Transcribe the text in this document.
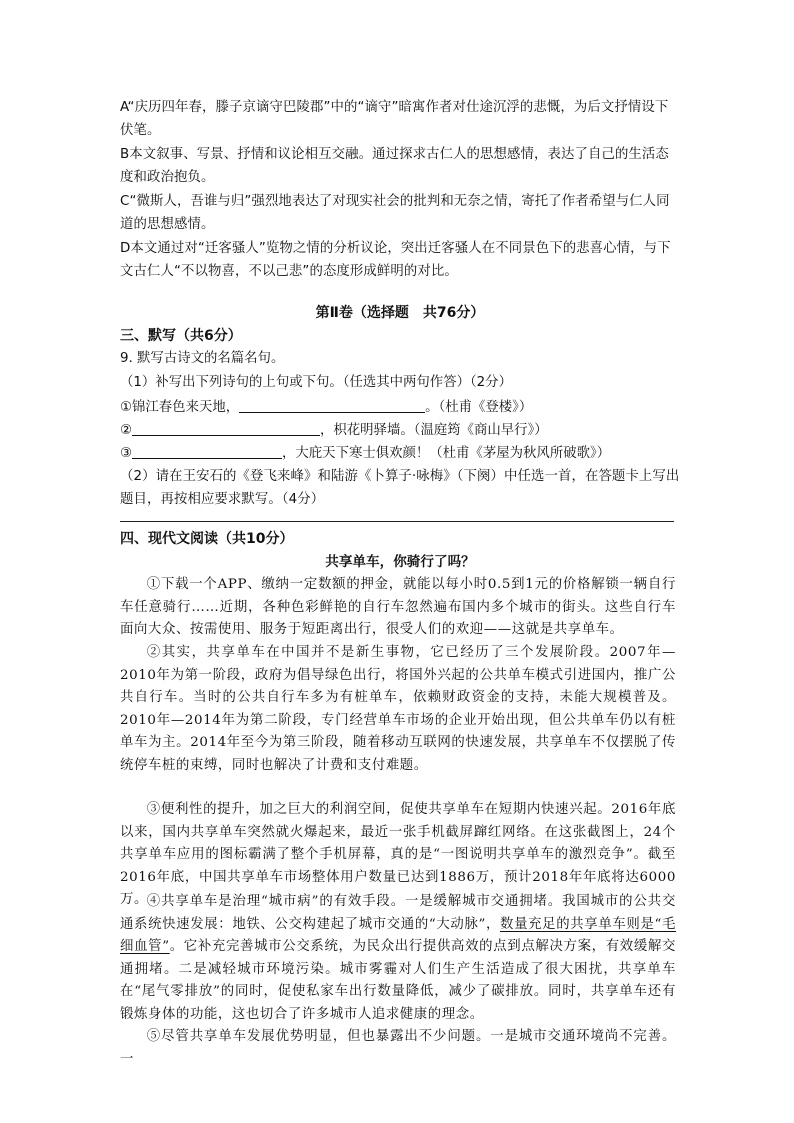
A“庆历四年春，滕子京谪守巴陵郡”中的“谪守”暗寓作者对仕途沉浮的悲慨，为后文抒情设下伏笔。
B本文叙事、写景、抒情和议论相互交融。通过探求古仁人的思想感情，表达了自己的生活态度和政治抱负。
C“微斯人，吾谁与归”强烈地表达了对现实社会的批判和无奈之情，寄托了作者希望与仁人同道的思想感情。
D本文通过对“迁客骚人”览物之情的分析议论，突出迁客骚人在不同景色下的悲喜心情，与下文古仁人“不以物喜，不以己悲”的态度形成鲜明的对比。
第Ⅱ卷（选择题　共76分）
三、默写（共6分）
9. 默写古诗文的名篇名句。
（1）补写出下列诗句的上句或下句。（任选其中两句作答）（2分）
①锦江春色来天地，	。（杜甫《登楼》）
②	，枳花明驿墙。（温庭筠《商山早行》）
③	，大庇天下寒士俱欢颜！（杜甫《茅屋为秋风所破歌》）
（2）请在王安石的《登飞来峰》和陆游《卜算子·咏梅》（下阕）中任选一首，在答题卡上写出题目，再按相应要求默写。（4分）
四、现代文阅读（共10分）
共享单车，你骑行了吗？
①下载一个APP、缴纳一定数额的押金，就能以每小时0.5到1元的价格解锁一辆自行车任意骑行……近期，各种色彩鲜艳的自行车忽然遍布国内多个城市的街头。这些自行车面向大众、按需使用、服务于短距离出行，很受人们的欢迎——这就是共享单车。
②其实，共享单车在中国并不是新生事物，它已经历了三个发展阶段。2007年—2010年为第一阶段，政府为倡导绿色出行，将国外兴起的公共单车模式引进国内，推广公共自行车。当时的公共自行车多为有桩单车，依赖财政资金的支持，未能大规模普及。2010年—2014年为第二阶段，专门经营单车市场的企业开始出现，但公共单车仍以有桩单车为主。2014年至今为第三阶段，随着移动互联网的快速发展，共享单车不仅摆脱了传统停车桩的束缚，同时也解决了计费和支付难题。
③便利性的提升，加之巨大的利润空间，促使共享单车在短期内快速兴起。2016年底以来，国内共享单车突然就火爆起来，最近一张手机截屏蹿红网络。在这张截图上，24个共享单车应用的图标霸满了整个手机屏幕，真的是“一图说明共享单车的激烈竞争”。截至2016年底，中国共享单车市场整体用户数量已达到1886万，预计2018年年底将达6000万。
④共享单车是治理“城市病”的有效手段。一是缓解城市交通拥堵。我国城市的公共交通系统快速发展：地铁、公交构建起了城市交通的“大动脉”，数量充足的共享单车则是“毛细血管”。它补充完善城市公交系统，为民众出行提供高效的点到点解决方案，有效缓解交通拥堵。二是减轻城市环境污染。城市雾霾对人们生产生活造成了很大困扰，共享单车在“尾气零排放”的同时，促使私家车出行数量降低，减少了碳排放。同时，共享单车还有锻炼身体的功能，这也切合了许多城市人追求健康的理念。
⑤尽管共享单车发展优势明显，但也暴露出不少问题。一是城市交通环境尚不完善。一
